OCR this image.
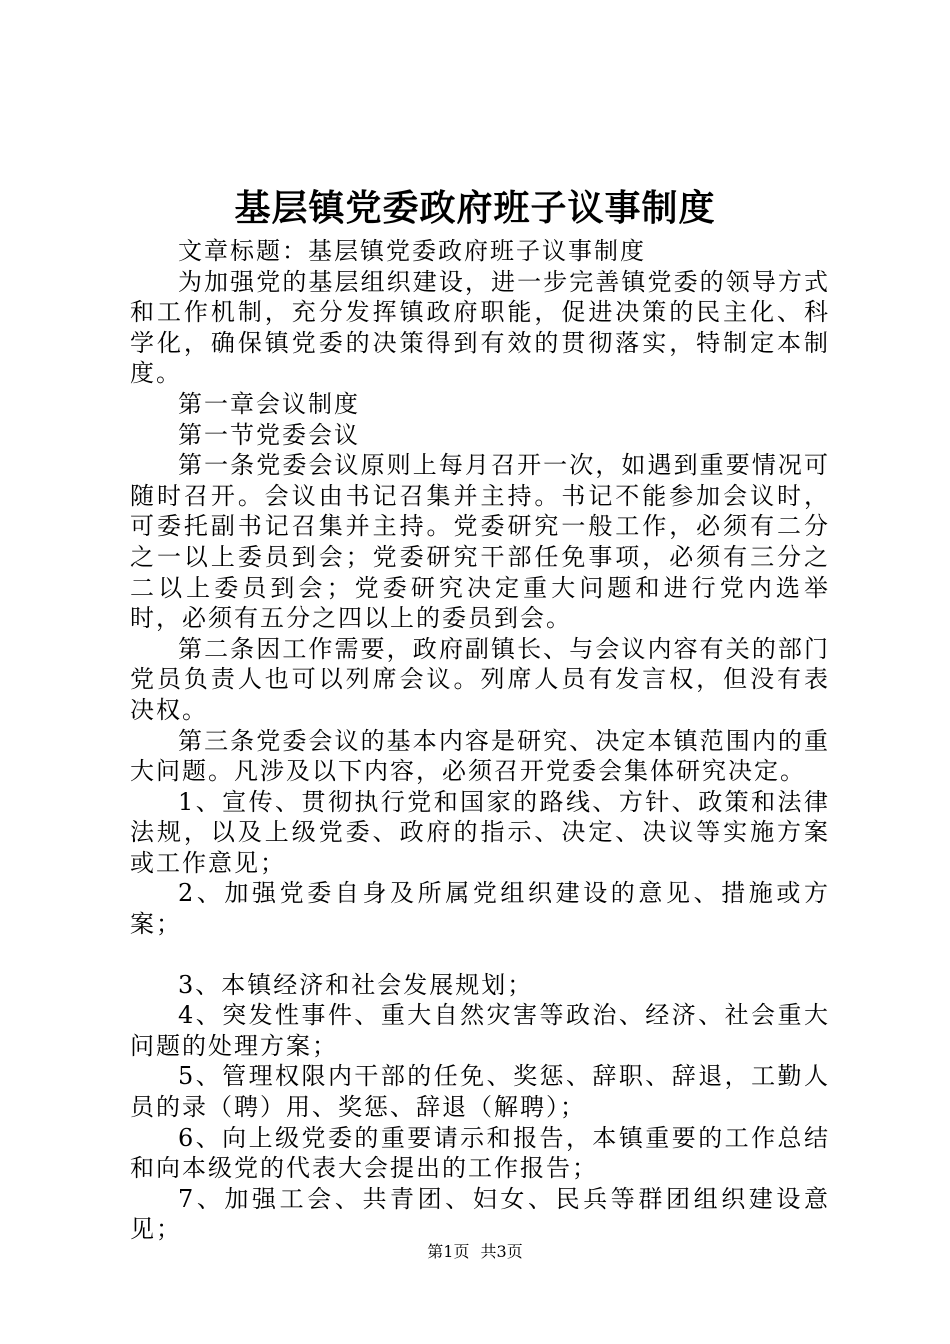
基层镇党委政府班子议事制度

文章标题：基层镇党委政府班子议事制度

为加强党的基层组织建设，进一步完善镇党委的领导方式和工作机制，充分发挥镇政府职能，促进决策的民主化、科学化，确保镇党委的决策得到有效的贯彻落实，特制定本制度。

第一章会议制度

第一节党委会议

第一条党委会议原则上每月召开一次，如遇到重要情况可随时召开。会议由书记召集并主持。书记不能参加会议时，可委托副书记召集并主持。党委研究一般工作，必须有二分之一以上委员到会；党委研究干部任免事项，必须有三分之二以上委员到会；党委研究决定重大问题和进行党内选举时，必须有五分之四以上的委员到会。

第二条因工作需要，政府副镇长、与会议内容有关的部门党员负责人也可以列席会议。列席人员有发言权，但没有表决权。

第三条党委会议的基本内容是研究、决定本镇范围内的重大问题。凡涉及以下内容，必须召开党委会集体研究决定。

1、宣传、贯彻执行党和国家的路线、方针、政策和法律法规，以及上级党委、政府的指示、决定、决议等实施方案或工作意见；

2、加强党委自身及所属党组织建设的意见、措施或方案；

3、本镇经济和社会发展规划；

4、突发性事件、重大自然灾害等政治、经济、社会重大问题的处理方案；

5、管理权限内干部的任免、奖惩、辞职、辞退，工勤人员的录（聘）用、奖惩、辞退（解聘）；

6、向上级党委的重要请示和报告，本镇重要的工作总结和向本级党的代表大会提出的工作报告；

7、加强工会、共青团、妇女、民兵等群团组织建设意见；

第1页 共3页
